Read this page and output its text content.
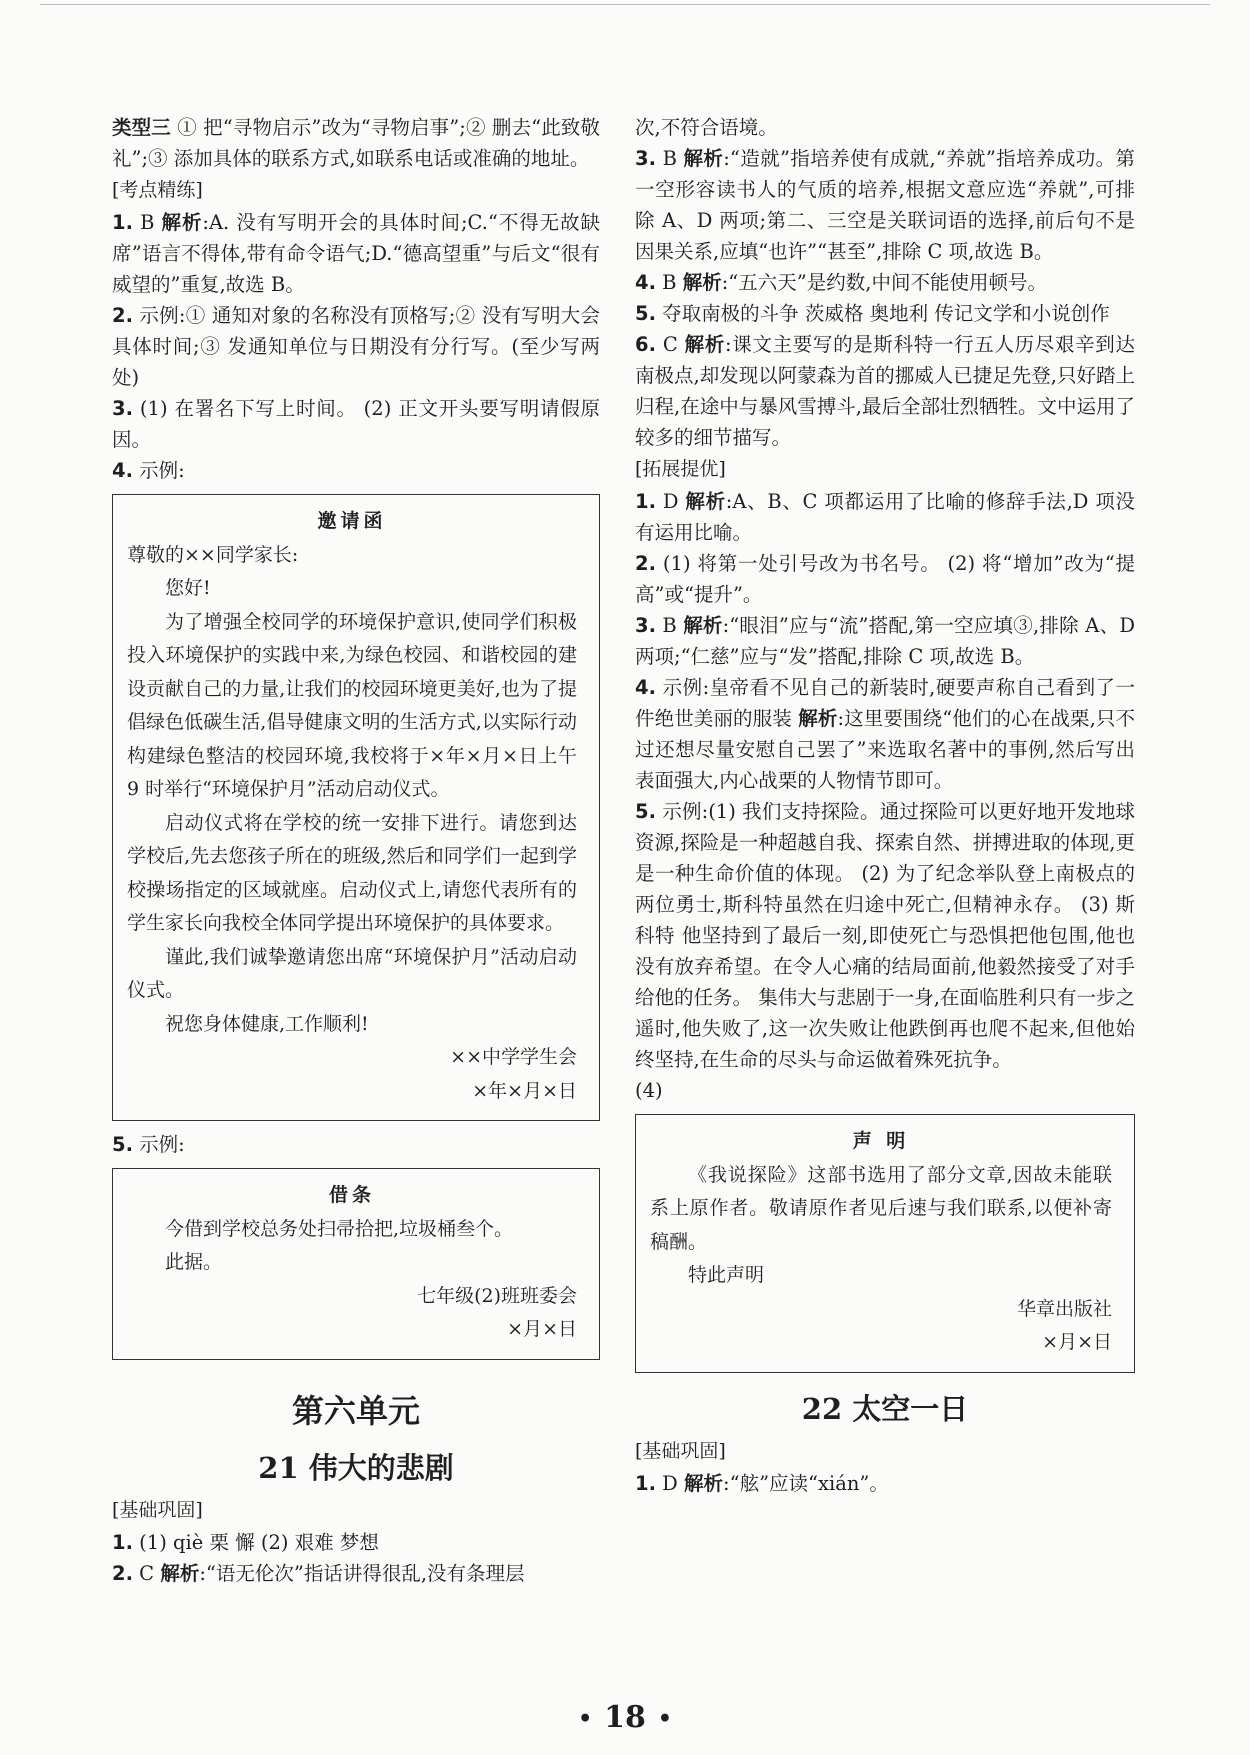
类型三 ① 把“寻物启示”改为“寻物启事”;② 删去“此致敬礼”;③ 添加具体的联系方式,如联系电话或准确的地址。

[考点精练]

1. B 解析:A. 没有写明开会的具体时间;C.“不得无故缺席”语言不得体,带有命令语气;D.“德高望重”与后文“很有威望的”重复,故选 B。

2. 示例:① 通知对象的名称没有顶格写;② 没有写明大会具体时间;③ 发通知单位与日期没有分行写。(至少写两处)

3. (1) 在署名下写上时间。 (2) 正文开头要写明请假原因。

4. 示例:

邀请函
尊敬的××同学家长:
您好!
为了增强全校同学的环境保护意识,使同学们积极投入环境保护的实践中来,为绿色校园、和谐校园的建设贡献自己的力量,让我们的校园环境更美好,也为了提倡绿色低碳生活,倡导健康文明的生活方式,以实际行动构建绿色整洁的校园环境,我校将于×年×月×日上午 9 时举行“环境保护月”活动启动仪式。
启动仪式将在学校的统一安排下进行。请您到达学校后,先去您孩子所在的班级,然后和同学们一起到学校操场指定的区域就座。启动仪式上,请您代表所有的学生家长向我校全体同学提出环境保护的具体要求。
谨此,我们诚挚邀请您出席“环境保护月”活动启动仪式。
祝您身体健康,工作顺利!
××中学学生会
×年×月×日

5. 示例:

借条
今借到学校总务处扫帚拾把,垃圾桶叁个。
此据。
七年级(2)班班委会
×月×日
第六单元
21 伟大的悲剧
[基础巩固]

1. (1) qiè 栗 懈 (2) 艰难 梦想

2. C 解析:“语无伦次”指话讲得很乱,没有条理层

次,不符合语境。

3. B 解析:“造就”指培养使有成就,“养就”指培养成功。第一空形容读书人的气质的培养,根据文意应选“养就”,可排除 A、D 两项;第二、三空是关联词语的选择,前后句不是因果关系,应填“也许”“甚至”,排除 C 项,故选 B。

4. B 解析:“五六天”是约数,中间不能使用顿号。

5. 夺取南极的斗争 茨威格 奥地利 传记文学和小说创作

6. C 解析:课文主要写的是斯科特一行五人历尽艰辛到达南极点,却发现以阿蒙森为首的挪威人已捷足先登,只好踏上归程,在途中与暴风雪搏斗,最后全部壮烈牺牲。文中运用了较多的细节描写。

[拓展提优]

1. D 解析:A、B、C 项都运用了比喻的修辞手法,D 项没有运用比喻。

2. (1) 将第一处引号改为书名号。 (2) 将“增加”改为“提高”或“提升”。

3. B 解析:“眼泪”应与“流”搭配,第一空应填③,排除 A、D 两项;“仁慈”应与“发”搭配,排除 C 项,故选 B。

4. 示例:皇帝看不见自己的新装时,硬要声称自己看到了一件绝世美丽的服装 解析:这里要围绕“他们的心在战栗,只不过还想尽量安慰自己罢了”来选取名著中的事例,然后写出表面强大,内心战栗的人物情节即可。

5. 示例:(1) 我们支持探险。通过探险可以更好地开发地球资源,探险是一种超越自我、探索自然、拼搏进取的体现,更是一种生命价值的体现。 (2) 为了纪念举队登上南极点的两位勇士,斯科特虽然在归途中死亡,但精神永存。 (3) 斯科特 他坚持到了最后一刻,即使死亡与恐惧把他包围,他也没有放弃希望。在令人心痛的结局面前,他毅然接受了对手给他的任务。 集伟大与悲剧于一身,在面临胜利只有一步之遥时,他失败了,这一次失败让他跌倒再也爬不起来,但他始终坚持,在生命的尽头与命运做着殊死抗争。

(4)

声 明
《我说探险》这部书选用了部分文章,因故未能联系上原作者。敬请原作者见后速与我们联系,以便补寄稿酬。
特此声明
华章出版社
×月×日
22 太空一日
[基础巩固]

1. D 解析:“舷”应读“xián”。

• 18 •
